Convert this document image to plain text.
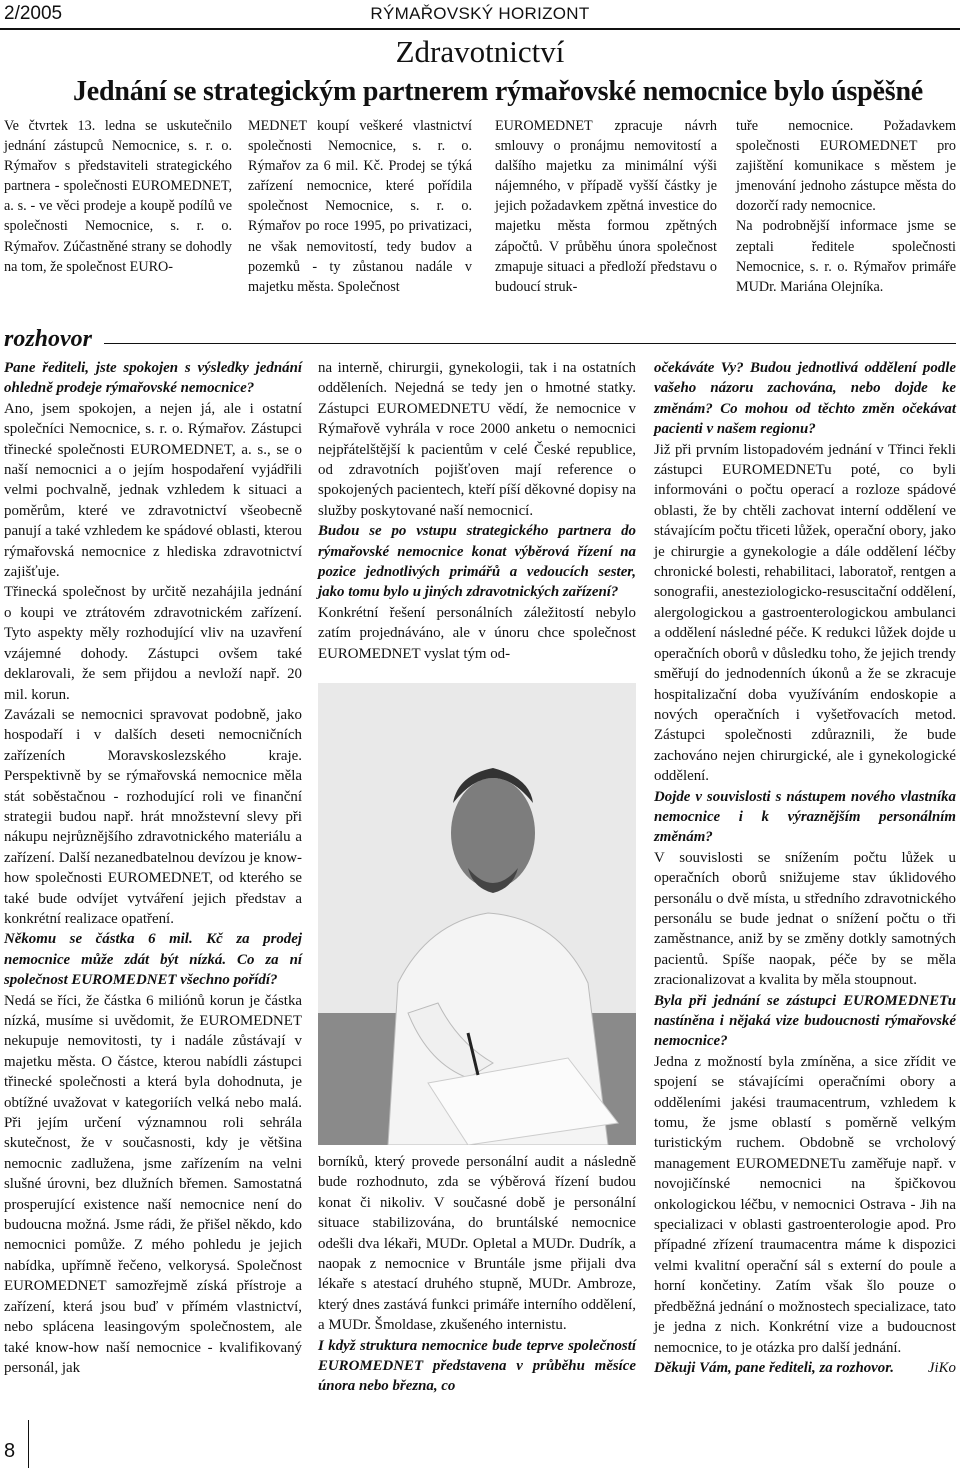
2/2005	RÝMAŘOVSKÝ HORIZONT
Zdravotnictví
Jednání se strategickým partnerem rýmařovské nemocnice bylo úspěšné

Ve čtvrtek 13. ledna se uskutečnilo jednání zástupců Nemocnice, s. r. o. Rýmařov s představiteli strategického partnera - společnosti EUROMEDNET, a. s. - ve věci prodeje a koupě podílů ve společnosti Nemocnice, s. r. o. Rýmařov. Zúčastněné strany se dohodly na tom, že společnost EURO-

MEDNET koupí veškeré vlastnictví společnosti Nemocnice, s. r. o. Rýmařov za 6 mil. Kč. Prodej se týká zařízení nemocnice, které pořídila společnost Nemocnice, s. r. o. Rýmařov po roce 1995, po privatizaci, ne však nemovitostí, tedy budov a pozemků - ty zůstanou nadále v majetku města. Společnost

EUROMEDNET zpracuje návrh smlouvy o pronájmu nemovitostí a dalšího majetku za minimální výši nájemného, v případě vyšší částky je jejich požadavkem zpětná investice do majetku města formou zpětných zápočtů. V průběhu února společnost zmapuje situaci a předloží představu o budoucí struk-

tuře nemocnice. Požadavkem společnosti EUROMEDNET pro zajištění komunikace s městem je jmenování jednoho zástupce města do dozorčí rady nemocnice.

Na podrobnější informace jsme se zeptali ředitele společnosti Nemocnice, s. r. o. Rýmařov primáře MUDr. Mariána Olejníka.

rozhovor

Pane řediteli, jste spokojen s výsledky jednání ohledně prodeje rýmařovské nemocnice?

Ano, jsem spokojen, a nejen já, ale i ostatní společníci Nemocnice, s. r. o. Rýmařov. Zástupci třinecké společnosti EUROMEDNET, a. s., se o naší nemocnici a o jejím hospodaření vyjádřili velmi pochvalně, jednak vzhledem k situaci a poměrům, které ve zdravotnictví všeobecně panují a také vzhledem ke spádové oblasti, kterou rýmařovská nemocnice z hlediska zdravotnictví zajišťuje.

Třinecká společnost by určitě nezahájila jednání o koupi ve ztrátovém zdravotnickém zařízení. Tyto aspekty měly rozhodující vliv na uzavření vzájemné dohody. Zástupci ovšem také deklarovali, že sem přijdou a nevloží např. 20 mil. korun.

Zavázali se nemocnici spravovat podobně, jako hospodaří i v dalších deseti nemocničních zařízeních Moravskoslezského kraje. Perspektivně by se rýmařovská nemocnice měla stát soběstačnou - rozhodující roli ve finanční strategii budou např. hrát množstevní slevy při nákupu nejrůznějšího zdravotnického materiálu a zařízení. Další nezanedbatelnou devízou je know-how společnosti EUROMEDNET, od kterého se také bude odvíjet vytváření jejich představ a konkrétní realizace opatření.

Někomu se částka 6 mil. Kč za prodej nemocnice může zdát být nízká. Co za ní společnost EUROMEDNET všechno pořídí?

Nedá se říci, že částka 6 miliónů korun je částka nízká, musíme si uvědomit, že EUROMEDNET nekupuje nemovitosti, ty i nadále zůstávají v majetku města. O částce, kterou nabídli zástupci třinecké společnosti a která byla dohodnuta, je obtížné uvažovat v kategoriích velká nebo malá. Při jejím určení významnou roli sehrála skutečnost, že v současnosti, kdy je většina nemocnic zadlužena, jsme zařízením na velni slušné úrovni, bez dlužních břemen. Samostatná prosperující existence naší nemocnice není do budoucna možná. Jsme rádi, že přišel někdo, kdo nemocnici pomůže. Z mého pohledu je jejich nabídka, upřímně řečeno, velkorysá. Společnost EUROMEDNET samozřejmě získá přístroje a zařízení, která jsou buď v přímém vlastnictví, nebo splácena leasingovým společnostem, ale také know-how naší nemocnice - kvalifikovaný personál, jak

na interně, chirurgii, gynekologii, tak i na ostatních odděleních. Nejedná se tedy jen o hmotné statky. Zástupci EUROMEDNETU vědí, že nemocnice v Rýmařově vyhrála v roce 2000 anketu o nemocnici nejpřátelštější k pacientům v celé České republice, od zdravotních pojišťoven mají reference o spokojených pacientech, kteří píší děkovné dopisy na služby poskytované naší nemocnicí.

Budou se po vstupu strategického partnera do rýmařovské nemocnice konat výběrová řízení na pozice jednotlivých primářů a vedoucích sester, jako tomu bylo u jiných zdravotnických zařízení?

Konkrétní řešení personálních záležitostí nebylo zatím projednáváno, ale v únoru chce společnost EUROMEDNET vyslat tým od-

borníků, který provede personální audit a následně bude rozhodnuto, zda se výběrová řízení budou konat či nikoliv. V současné době je personální situace stabilizována, do bruntálské nemocnice odešli dva lékaři, MUDr. Opletal a MUDr. Dudrík, a naopak z nemocnice v Bruntále jsme přijali dva lékaře s atestací druhého stupně, MUDr. Ambroze, který dnes zastává funkci primáře interního oddělení, a MUDr. Šmoldase, zkušeného internistu.

I když struktura nemocnice bude teprve společností EUROMEDNET představena v průběhu měsíce února nebo března, co

očekáváte Vy? Budou jednotlivá oddělení podle vašeho názoru zachována, nebo dojde ke změnám? Co mohou od těchto změn očekávat pacienti v našem regionu?

Již při prvním listopadovém jednání v Třinci řekli zástupci EUROMEDNETu poté, co byli informováni o počtu operací a rozloze spádové oblasti, že by chtěli zachovat interní oddělení ve stávajícím počtu třiceti lůžek, operační obory, jako je chirurgie a gynekologie a dále oddělení léčby chronické bolesti, rehabilitaci, laboratoř, rentgen a sonografii, anesteziologicko-resuscitační oddělení, alergologickou a gastroenterologickou ambulanci a oddělení následné péče. K redukci lůžek dojde u operačních oborů v důsledku toho, že jejich trendy směřují do jednodenních úkonů a že se zkracuje hospitalizační doba využíváním endoskopie a nových operačních i vyšetřovacích metod. Zástupci společnosti zdůraznili, že bude zachováno nejen chirurgické, ale i gynekologické oddělení.

Dojde v souvislosti s nástupem nového vlastníka nemocnice i k výraznějším personálním změnám?

V souvislosti se snížením počtu lůžek u operačních oborů snižujeme stav úklidového personálu o dvě místa, u středního zdravotnického personálu se bude jednat o snížení počtu o tři zaměstnance, aniž by se změny dotkly samotných pacientů. Spíše naopak, péče by se měla zracionalizovat a kvalita by měla stoupnout.

Byla při jednání se zástupci EUROMEDNETu nastíněna i nějaká vize budoucnosti rýmařovské nemocnice?

Jedna z možností byla zmíněna, a sice zřídit ve spojení se stávajícími operačními obory a odděleními jakési traumacentrum, vzhledem k tomu, že jsme oblastí s poměrně velkým turistickým ruchem. Obdobně se vrcholový management EUROMEDNETu zaměřuje např. v novojičínské nemocnici na špičkovou onkologickou léčbu, v nemocnici Ostrava - Jih na specializaci v oblasti gastroenterologie apod. Pro případné zřízení traumacentra máme k dispozici velmi kvalitní operační sál s externí do poule a horní končetiny. Zatím však šlo pouze o předběžná jednání o možnostech specializace, tato je jedna z nich. Konkrétní vize a budoucnost nemocnice, to je otázka pro další jednání.

Děkuji Vám, pane řediteli, za rozhovor. JiKo

8
